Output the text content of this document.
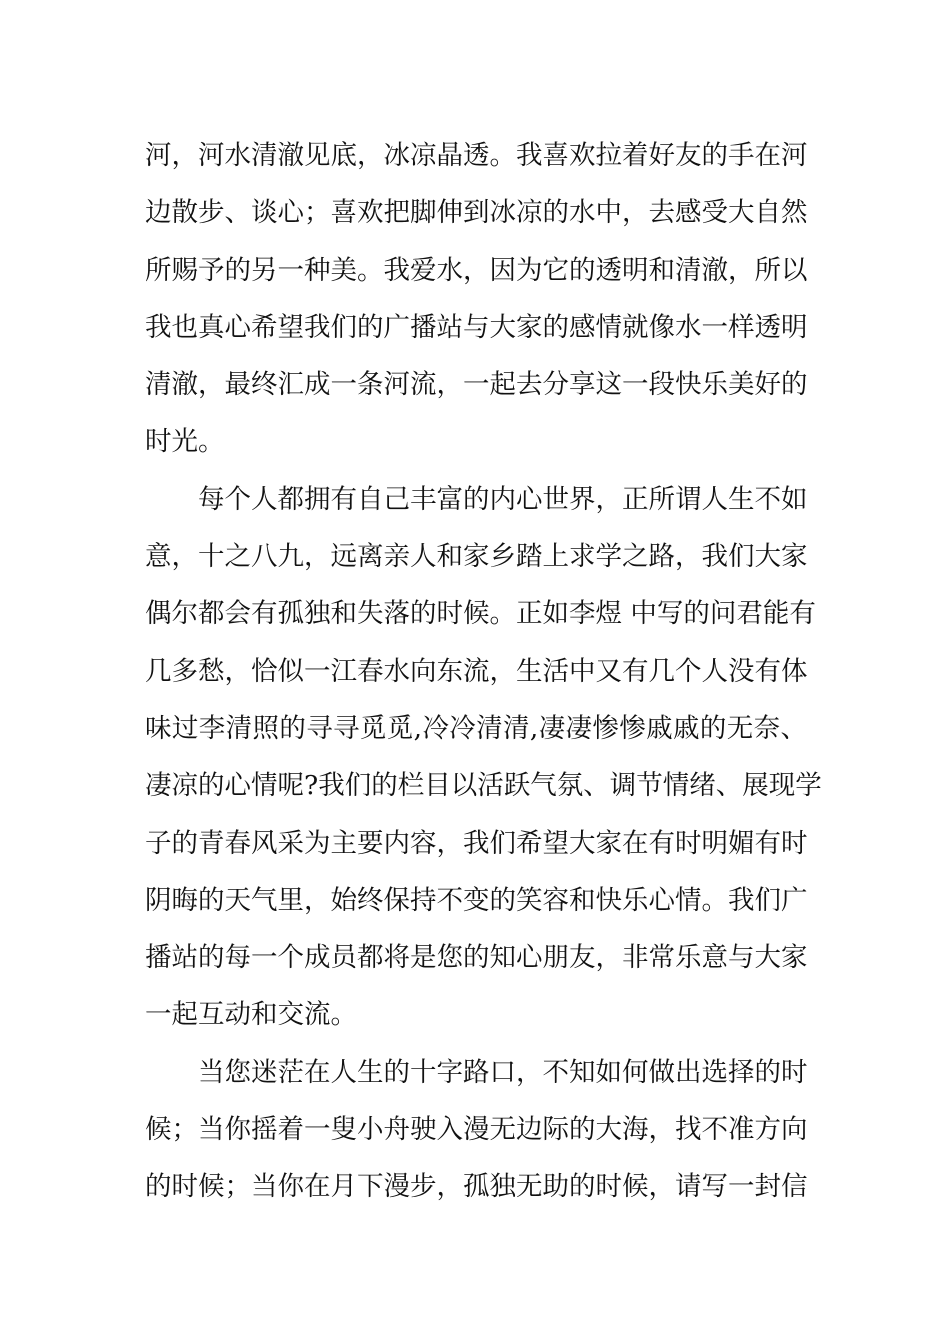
河，河水清澈见底，冰凉晶透。我喜欢拉着好友的手在河
边散步、谈心；喜欢把脚伸到冰凉的水中，去感受大自然
所赐予的另一种美。我爱水，因为它的透明和清澈，所以
我也真心希望我们的广播站与大家的感情就像水一样透明
清澈，最终汇成一条河流，一起去分享这一段快乐美好的
时光。
每个人都拥有自己丰富的内心世界，正所谓人生不如
意，十之八九，远离亲人和家乡踏上求学之路，我们大家
偶尔都会有孤独和失落的时候。正如李煜 中写的问君能有
几多愁，恰似一江春水向东流，生活中又有几个人没有体
味过李清照的寻寻觅觅,冷冷清清,凄凄惨惨戚戚的无奈、
凄凉的心情呢?我们的栏目以活跃气氛、调节情绪、展现学
子的青春风采为主要内容，我们希望大家在有时明媚有时
阴晦的天气里，始终保持不变的笑容和快乐心情。我们广
播站的每一个成员都将是您的知心朋友，非常乐意与大家
一起互动和交流。
当您迷茫在人生的十字路口，不知如何做出选择的时
候；当你摇着一叟小舟驶入漫无边际的大海，找不准方向
的时候；当你在月下漫步，孤独无助的时候，请写一封信
